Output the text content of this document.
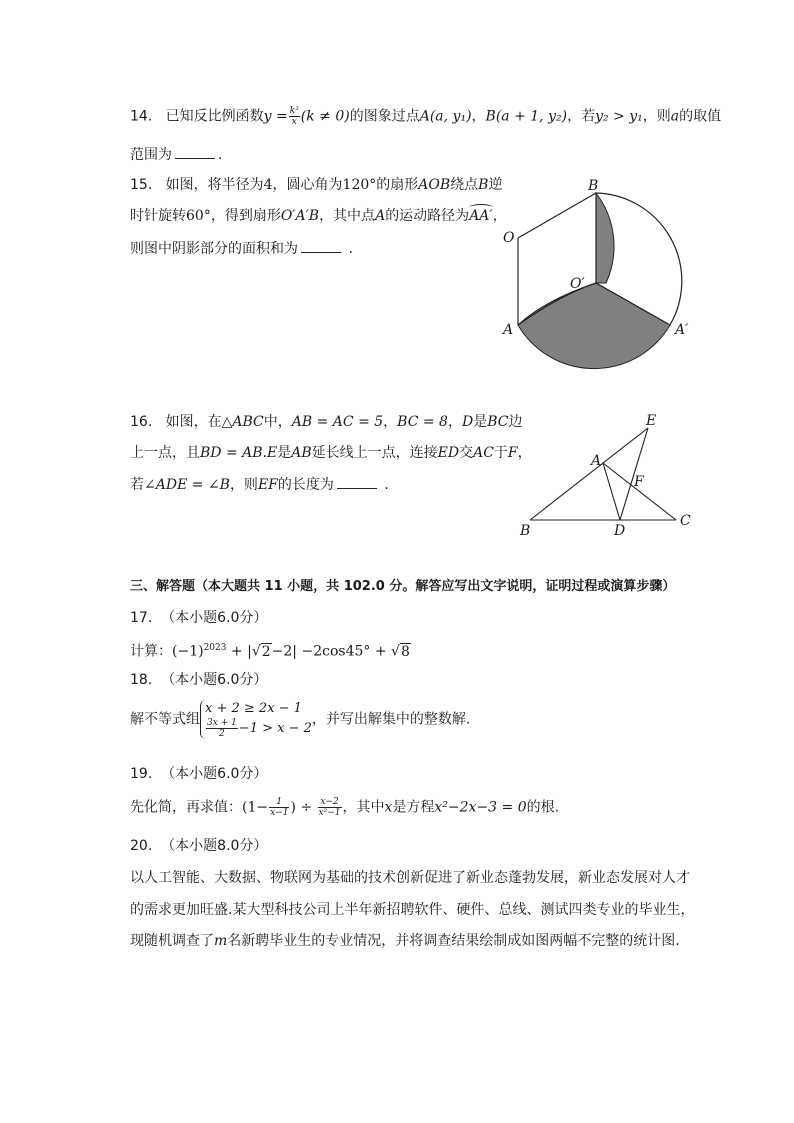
14. 已知反比例函数$y = \frac{\text{k²}}{x} (k \ne 0)$的图象过点A(a, y₁)，B(a + 1, y₂)，若y₂ > y₁，则a的取值
范围为	.
15. 如图，将半径为4，圆心角为120°的扇形AOB绕点B逆
时针旋转60°，得到扇形O′A′B，其中点A的运动路径为AA′
，
则图中阴影部分的面积和为	.
B
O
O′
A	A′
16. 如图，在△ABC中，AB = AC = 5，BC = 8，D是BC边
上一点，且BD = AB.E是AB延长线上一点，连接ED交AC于F，
若∠ADE = ∠B，则EF的长度为	.
E
A
F
B	D
C
三、解答题（本大题共 11 小题，共 102.0 分。解答应写出文字说明，证明过程或演算步骤）
17. （本小题6.0分）
计算：$(-1)^{2023} + |√2-2| -2\cos 45^\circ + √8$
18. （本小题6.0分）
解不等式组
x + 2 ≥ 2x − 1
$\frac{3x + 1}{2} -1 > x - 2$
，并写出解集中的整数解.
19. （本小题6.0分）
先化简，再求值：($1- \frac{1}{x-1}$ ) ÷ $\frac{x-2}{\text{x²−1}}$ ，其中x是方程x²−2x−3 = 0的根.
20. （本小题8.0分）
以人工智能、大数据、物联网为基础的技术创新促进了新业态蓬勃发展，新业态发展对人才
的需求更加旺盛.某大型科技公司上半年新招聘软件、硬件、总线、测试四类专业的毕业生，
现随机调查了m名新聘毕业生的专业情况，并将调查结果绘制成如图两幅不完整的统计图.
